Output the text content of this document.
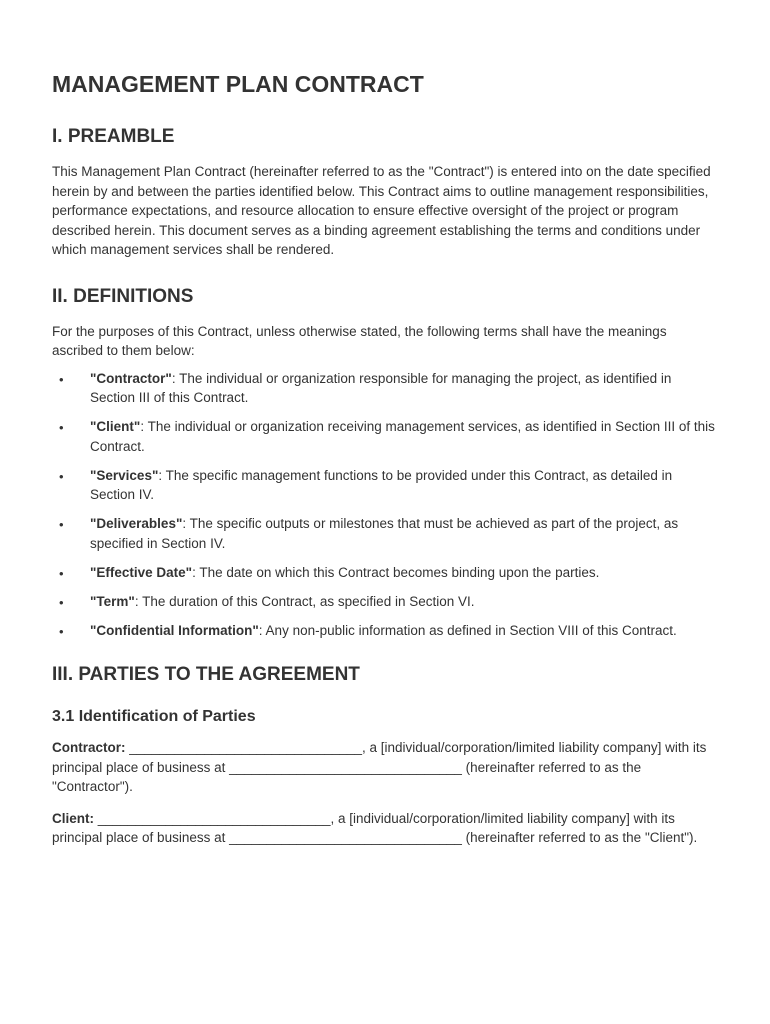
MANAGEMENT PLAN CONTRACT
I. PREAMBLE

This Management Plan Contract (hereinafter referred to as the "Contract") is entered into on the date specified herein by and between the parties identified below. This Contract aims to outline management responsibilities, performance expectations, and resource allocation to ensure effective oversight of the project or program described herein. This document serves as a binding agreement establishing the terms and conditions under which management services shall be rendered.

II. DEFINITIONS

For the purposes of this Contract, unless otherwise stated, the following terms shall have the meanings ascribed to them below:

• "Contractor": The individual or organization responsible for managing the project, as identified in Section III of this Contract.
• "Client": The individual or organization receiving management services, as identified in Section III of this Contract.
• "Services": The specific management functions to be provided under this Contract, as detailed in Section IV.
• "Deliverables": The specific outputs or milestones that must be achieved as part of the project, as specified in Section IV.
• "Effective Date": The date on which this Contract becomes binding upon the parties.
• "Term": The duration of this Contract, as specified in Section VI.
• "Confidential Information": Any non-public information as defined in Section VIII of this Contract.
III. PARTIES TO THE AGREEMENT
3.1 Identification of Parties

Contractor: _______________________________, a [individual/corporation/limited liability company] with its principal place of business at _______________________________ (hereinafter referred to as the "Contractor").

Client: _______________________________, a [individual/corporation/limited liability company] with its principal place of business at _______________________________ (hereinafter referred to as the "Client").
